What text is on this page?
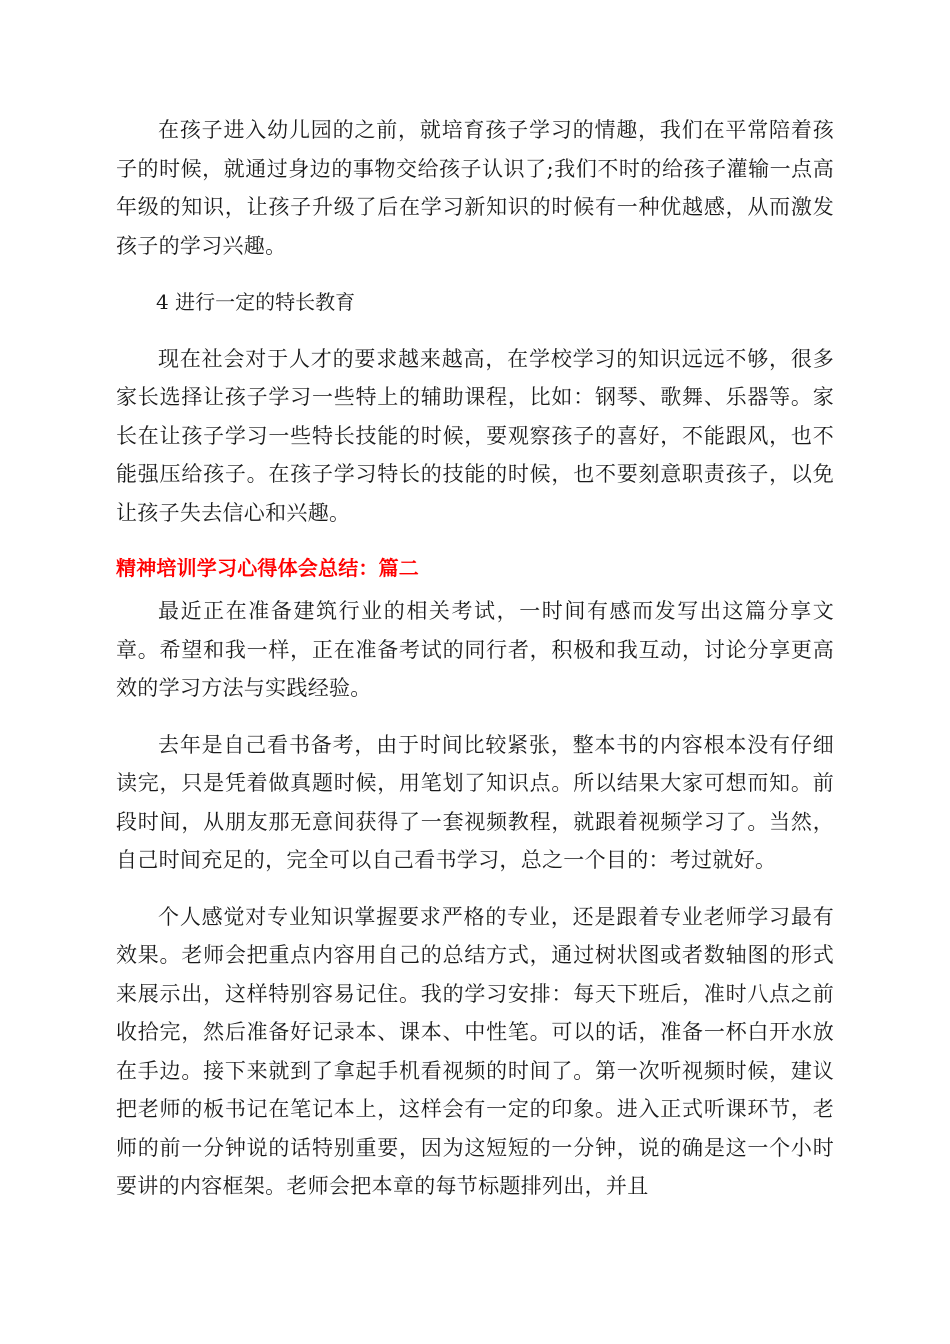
在孩子进入幼儿园的之前，就培育孩子学习的情趣，我们在平常陪着孩子的时候，就通过身边的事物交给孩子认识了;我们不时的给孩子灌输一点高年级的知识，让孩子升级了后在学习新知识的时候有一种优越感，从而激发孩子的学习兴趣。

4 进行一定的特长教育

现在社会对于人才的要求越来越高，在学校学习的知识远远不够，很多家长选择让孩子学习一些特上的辅助课程，比如：钢琴、歌舞、乐器等。家长在让孩子学习一些特长技能的时候，要观察孩子的喜好，不能跟风，也不能强压给孩子。在孩子学习特长的技能的时候，也不要刻意职责孩子，以免让孩子失去信心和兴趣。

精神培训学习心得体会总结：篇二

最近正在准备建筑行业的相关考试，一时间有感而发写出这篇分享文章。希望和我一样，正在准备考试的同行者，积极和我互动，讨论分享更高效的学习方法与实践经验。

去年是自己看书备考，由于时间比较紧张，整本书的内容根本没有仔细读完，只是凭着做真题时候，用笔划了知识点。所以结果大家可想而知。前段时间，从朋友那无意间获得了一套视频教程，就跟着视频学习了。当然，自己时间充足的，完全可以自己看书学习，总之一个目的：考过就好。

个人感觉对专业知识掌握要求严格的专业，还是跟着专业老师学习最有效果。老师会把重点内容用自己的总结方式，通过树状图或者数轴图的形式来展示出，这样特别容易记住。我的学习安排：每天下班后，准时八点之前收拾完，然后准备好记录本、课本、中性笔。可以的话，准备一杯白开水放在手边。接下来就到了拿起手机看视频的时间了。第一次听视频时候，建议把老师的板书记在笔记本上，这样会有一定的印象。进入正式听课环节，老师的前一分钟说的话特别重要，因为这短短的一分钟，说的确是这一个小时要讲的内容框架。老师会把本章的每节标题排列出，并且
